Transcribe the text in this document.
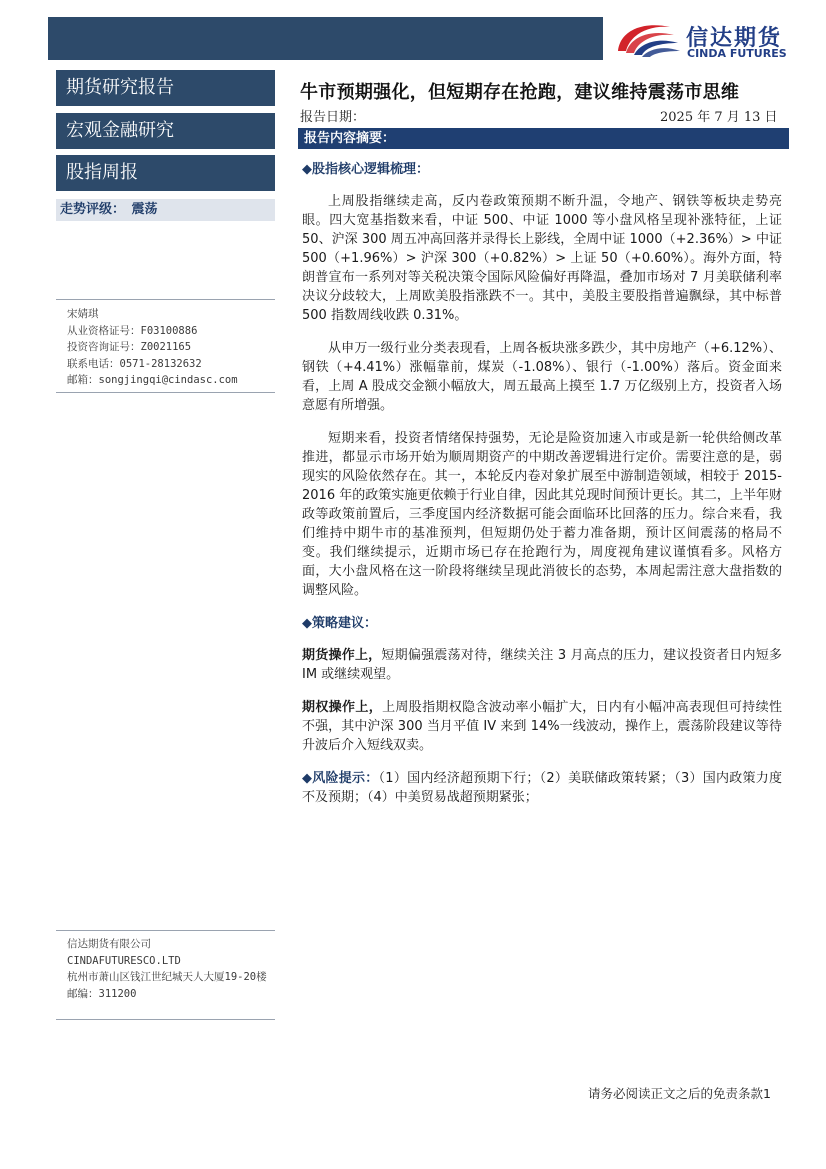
信达期货
CINDA FUTURES
期货研究报告
宏观金融研究
股指周报
走势评级：　震荡
宋婧琪
从业资格证号：F03100886
投资咨询证号：Z0021165
联系电话：0571-28132632
邮箱：songjingqi@cindasc.com
信达期货有限公司
CINDAFUTURESCO.LTD
杭州市萧山区钱江世纪城天人大厦19-20楼
邮编：311200
牛市预期强化，但短期存在抢跑，建议维持震荡市思维
报告日期：	2025 年 7 月 13 日
报告内容摘要：

◆股指核心逻辑梳理：

上周股指继续走高，反内卷政策预期不断升温，令地产、钢铁等板块走势亮眼。四大宽基指数来看，中证 500、中证 1000 等小盘风格呈现补涨特征，上证 50、沪深 300 周五冲高回落并录得长上影线，全周中证 1000（+2.36%）> 中证 500（+1.96%）> 沪深 300（+0.82%）> 上证 50（+0.60%）。海外方面，特朗普宣布一系列对等关税决策令国际风险偏好再降温，叠加市场对 7 月美联储利率决议分歧较大，上周欧美股指涨跌不一。其中，美股主要股指普遍飘绿，其中标普 500 指数周线收跌 0.31%。

从申万一级行业分类表现看，上周各板块涨多跌少，其中房地产（+6.12%）、钢铁（+4.41%）涨幅靠前，煤炭（-1.08%）、银行（-1.00%）落后。资金面来看，上周 A 股成交金额小幅放大，周五最高上摸至 1.7 万亿级别上方，投资者入场意愿有所增强。

短期来看，投资者情绪保持强势，无论是险资加速入市或是新一轮供给侧改革推进，都显示市场开始为顺周期资产的中期改善逻辑进行定价。需要注意的是，弱现实的风险依然存在。其一，本轮反内卷对象扩展至中游制造领域，相较于 2015-2016 年的政策实施更依赖于行业自律，因此其兑现时间预计更长。其二，上半年财政等政策前置后，三季度国内经济数据可能会面临环比回落的压力。综合来看，我们维持中期牛市的基准预判，但短期仍处于蓄力准备期，预计区间震荡的格局不变。我们继续提示，近期市场已存在抢跑行为，周度视角建议谨慎看多。风格方面，大小盘风格在这一阶段将继续呈现此消彼长的态势，本周起需注意大盘指数的调整风险。

◆策略建议：

期货操作上，短期偏强震荡对待，继续关注 3 月高点的压力，建议投资者日内短多 IM 或继续观望。

期权操作上，上周股指期权隐含波动率小幅扩大，日内有小幅冲高表现但可持续性不强，其中沪深 300 当月平值 IV 来到 14%一线波动，操作上，震荡阶段建议等待升波后介入短线双卖。

◆风险提示：（1）国内经济超预期下行；（2）美联储政策转紧；（3）国内政策力度不及预期；（4）中美贸易战超预期紧张；

请务必阅读正文之后的免责条款1
